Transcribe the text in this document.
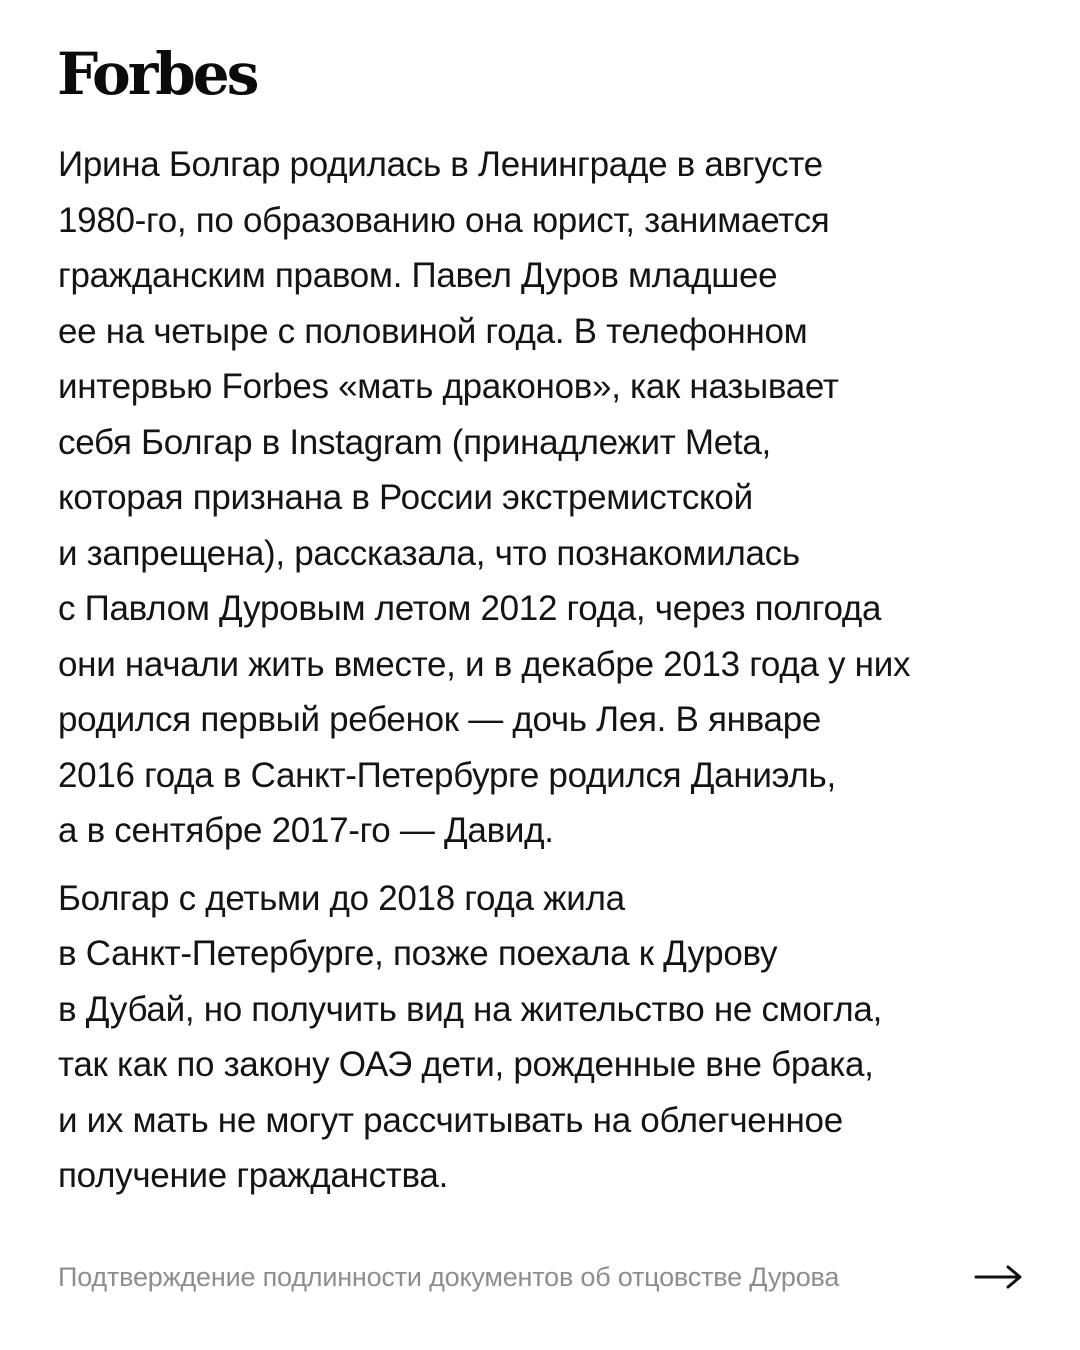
Forbes
Ирина Болгар родилась в Ленинграде в августе
1980-го, по образованию она юрист, занимается
гражданским правом. Павел Дуров младшее
ее на четыре с половиной года. В телефонном
интервью Forbes «мать драконов», как называет
себя Болгар в Instagram (принадлежит Meta,
которая признана в России экстремистской
и запрещена), рассказала, что познакомилась
с Павлом Дуровым летом 2012 года, через полгода
они начали жить вместе, и в декабре 2013 года у них
родился первый ребенок — дочь Лея. В январе
2016 года в Санкт-Петербурге родился Даниэль,
а в сентябре 2017-го — Давид.
Болгар с детьми до 2018 года жила
в Санкт-Петербурге, позже поехала к Дурову
в Дубай, но получить вид на жительство не смогла,
так как по закону ОАЭ дети, рожденные вне брака,
и их мать не могут рассчитывать на облегченное
получение гражданства.
Подтверждение подлинности документов об отцовстве Дурова
